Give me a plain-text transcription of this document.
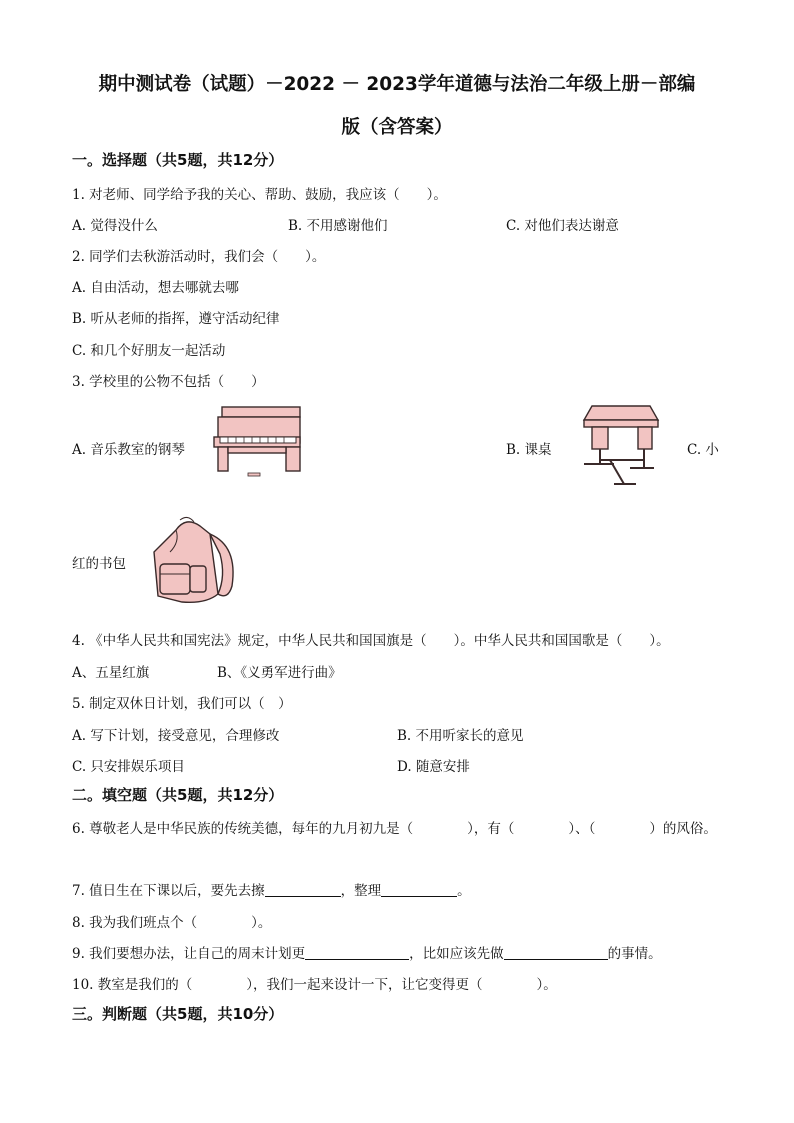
期中测试卷（试题）－2022 － 2023学年道德与法治二年级上册－部编
版（含答案）
一。选择题（共5题，共12分）
1. 对老师、同学给予我的关心、帮助、鼓励，我应该（　　）。
A. 觉得没什么	B. 不用感谢他们	C. 对他们表达谢意
2. 同学们去秋游活动时，我们会（　　）。
A. 自由活动，想去哪就去哪
B. 听从老师的指挥，遵守活动纪律
C. 和几个好朋友一起活动
3. 学校里的公物不包括（　　）
A. 音乐教室的钢琴	B. 课桌	C. 小
红的书包
4. 《中华人民共和国宪法》规定，中华人民共和国国旗是（　　）。中华人民共和国国歌是（　　）。
A、五星红旗	B、《义勇军进行曲》
5. 制定双休日计划，我们可以（　）
A. 写下计划，接受意见，合理修改	B. 不用听家长的意见
C. 只安排娱乐项目	D. 随意安排
二。填空题（共5题，共12分）
6. 尊敬老人是中华民族的传统美德，每年的九月初九是（　　　　），有（　　　　）、（　　　　）的风俗。
7. 值日生在下课以后，要先去擦	，整理	。
8. 我为我们班点个（　　　　）。
9. 我们要想办法，让自己的周末计划更	，比如应该先做	的事情。
10. 教室是我们的（　　　　），我们一起来设计一下，让它变得更（　　　　）。
三。判断题（共5题，共10分）
